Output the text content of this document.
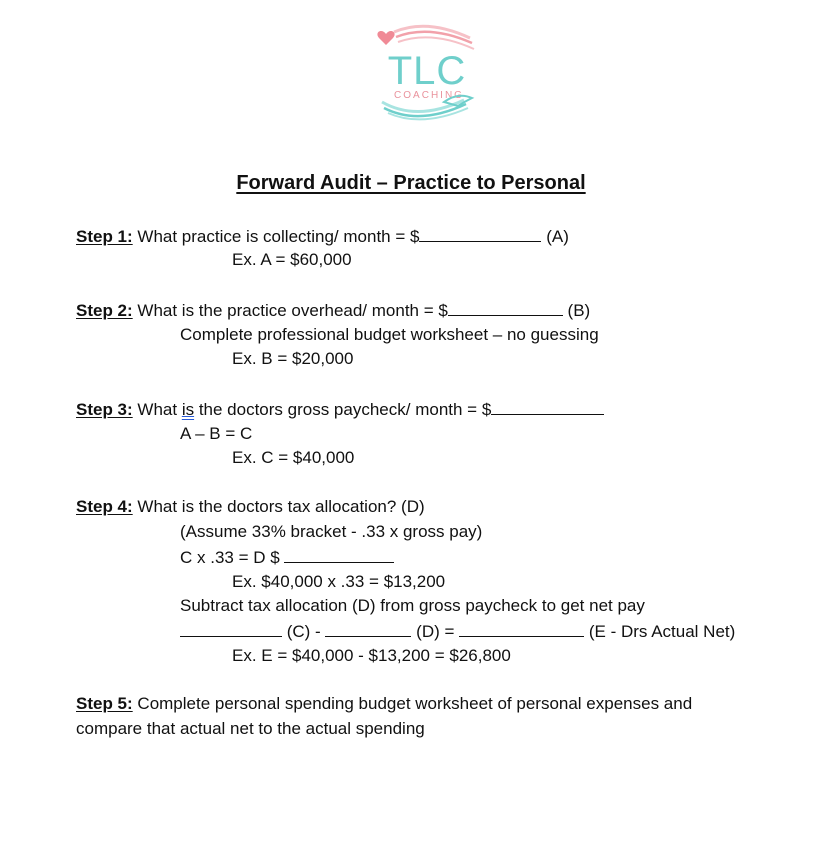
TLC
COACHING
Forward Audit – Practice to Personal
Step 1: What practice is collecting/ month = $	(A)
Ex. A = $60,000
Step 2: What is the practice overhead/ month = $	(B)
Complete professional budget worksheet – no guessing
Ex. B = $20,000
Step 3: What is the doctors gross paycheck/ month = $
A – B = C
Ex. C = $40,000
Step 4: What is the doctors tax allocation? (D)
(Assume 33% bracket - .33 x gross pay)
C x .33 = D $
Ex. $40,000 x .33 = $13,200
Subtract tax allocation (D) from gross paycheck to get net pay
(C) -	(D) =	(E - Drs Actual Net)
Ex. E = $40,000 - $13,200 = $26,800
Step 5: Complete personal spending budget worksheet of personal expenses and
compare that actual net to the actual spending
